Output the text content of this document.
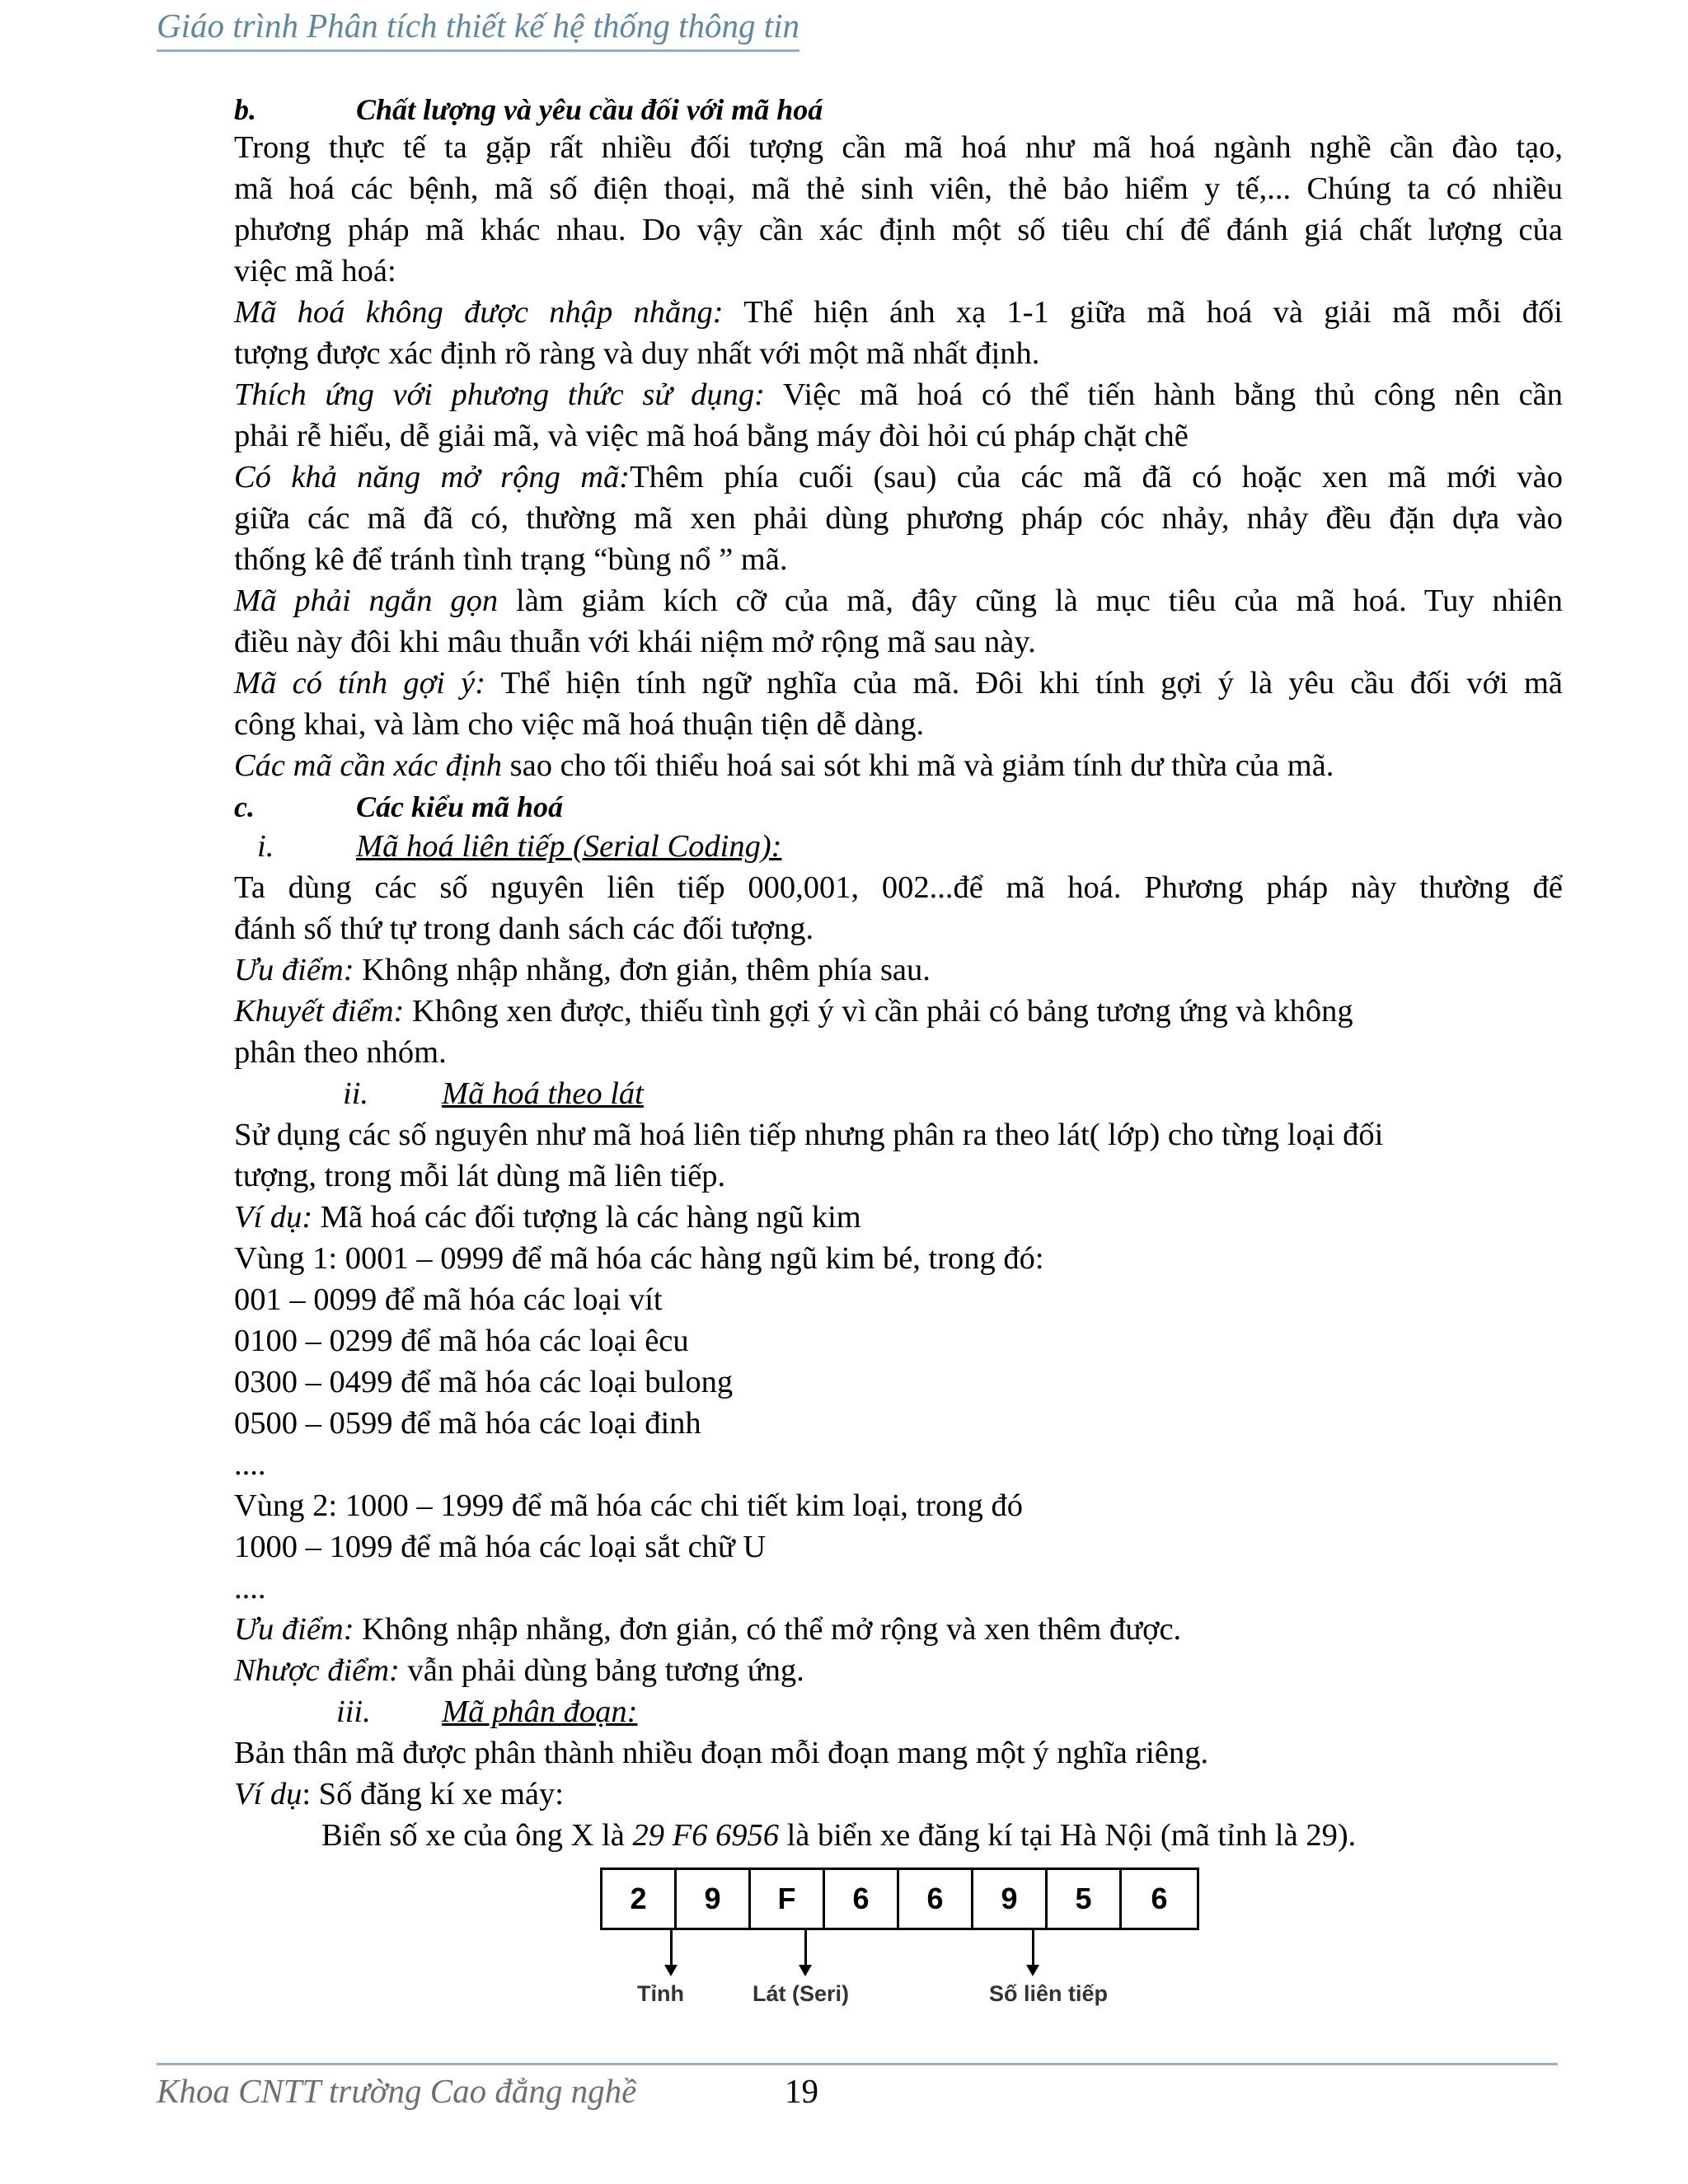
Giáo trình Phân tích thiết kế hệ thống thông tin
b.	Chất lượng và yêu cầu đối với mã hoá
Trong thực tế ta gặp rất nhiều đối tượng cần mã hoá như mã hoá ngành nghề cần đào tạo,
mã hoá các bệnh, mã số điện thoại, mã thẻ sinh viên, thẻ bảo hiểm y tế,... Chúng ta có nhiều
phương pháp mã khác nhau. Do vậy cần xác định một số tiêu chí để đánh giá chất lượng của
việc mã hoá:
Mã hoá không được nhập nhằng: Thể hiện ánh xạ 1-1 giữa mã hoá và giải mã mỗi đối
tượng được xác định rõ ràng và duy nhất với một mã nhất định.
Thích ứng với phương thức sử dụng: Việc mã hoá có thể tiến hành bằng thủ công nên cần
phải rễ hiểu, dễ giải mã, và việc mã hoá bằng máy đòi hỏi cú pháp chặt chẽ
Có khả năng mở rộng mã:Thêm phía cuối (sau) của các mã đã có hoặc xen mã mới vào
giữa các mã đã có, thường mã xen phải dùng phương pháp cóc nhảy, nhảy đều đặn dựa vào
thống kê để tránh tình trạng “bùng nổ ” mã.
Mã phải ngắn gọn làm giảm kích cỡ của mã, đây cũng là mục tiêu của mã hoá. Tuy nhiên
điều này đôi khi mâu thuẫn với khái niệm mở rộng mã sau này.
Mã có tính gợi ý: Thể hiện tính ngữ nghĩa của mã. Đôi khi tính gợi ý là yêu cầu đối với mã
công khai, và làm cho việc mã hoá thuận tiện dễ dàng.
Các mã cần xác định sao cho tối thiểu hoá sai sót khi mã và giảm tính dư thừa của mã.
c.	Các kiểu mã hoá
i.	Mã hoá liên tiếp (Serial Coding):
Ta dùng các số nguyên liên tiếp 000,001, 002...để mã hoá. Phương pháp này thường để
đánh số thứ tự trong danh sách các đối tượng.
Ưu điểm: Không nhập nhằng, đơn giản, thêm phía sau.
Khuyết điểm: Không xen được, thiếu tình gợi ý vì cần phải có bảng tương ứng và không
phân theo nhóm.
ii. Mã hoá theo lát
Sử dụng các số nguyên như mã hoá liên tiếp nhưng phân ra theo lát( lớp) cho từng loại đối
tượng, trong mỗi lát dùng mã liên tiếp.
Ví dụ: Mã hoá các đối tượng là các hàng ngũ kim
Vùng 1: 0001 – 0999 để mã hóa các hàng ngũ kim bé, trong đó:
001 – 0099 để mã hóa các loại vít
0100 – 0299 để mã hóa các loại êcu
0300 – 0499 để mã hóa các loại bulong
0500 – 0599 để mã hóa các loại đinh
....
Vùng 2: 1000 – 1999 để mã hóa các chi tiết kim loại, trong đó
1000 – 1099 để mã hóa các loại sắt chữ U
....
Ưu điểm: Không nhập nhằng, đơn giản, có thể mở rộng và xen thêm được.
Nhược điểm: vẫn phải dùng bảng tương ứng.
iii. Mã phân đoạn:
Bản thân mã được phân thành nhiều đoạn mỗi đoạn mang một ý nghĩa riêng.
Ví dụ: Số đăng kí xe máy:
Biển số xe của ông X là 29 F6 6956 là biển xe đăng kí tại Hà Nội (mã tỉnh là 29).
2	9	F	6	6	9	5	6
Tỉnh	Lát (Seri)	Số liên tiếp
Khoa CNTT trường Cao đẳng nghề	19
